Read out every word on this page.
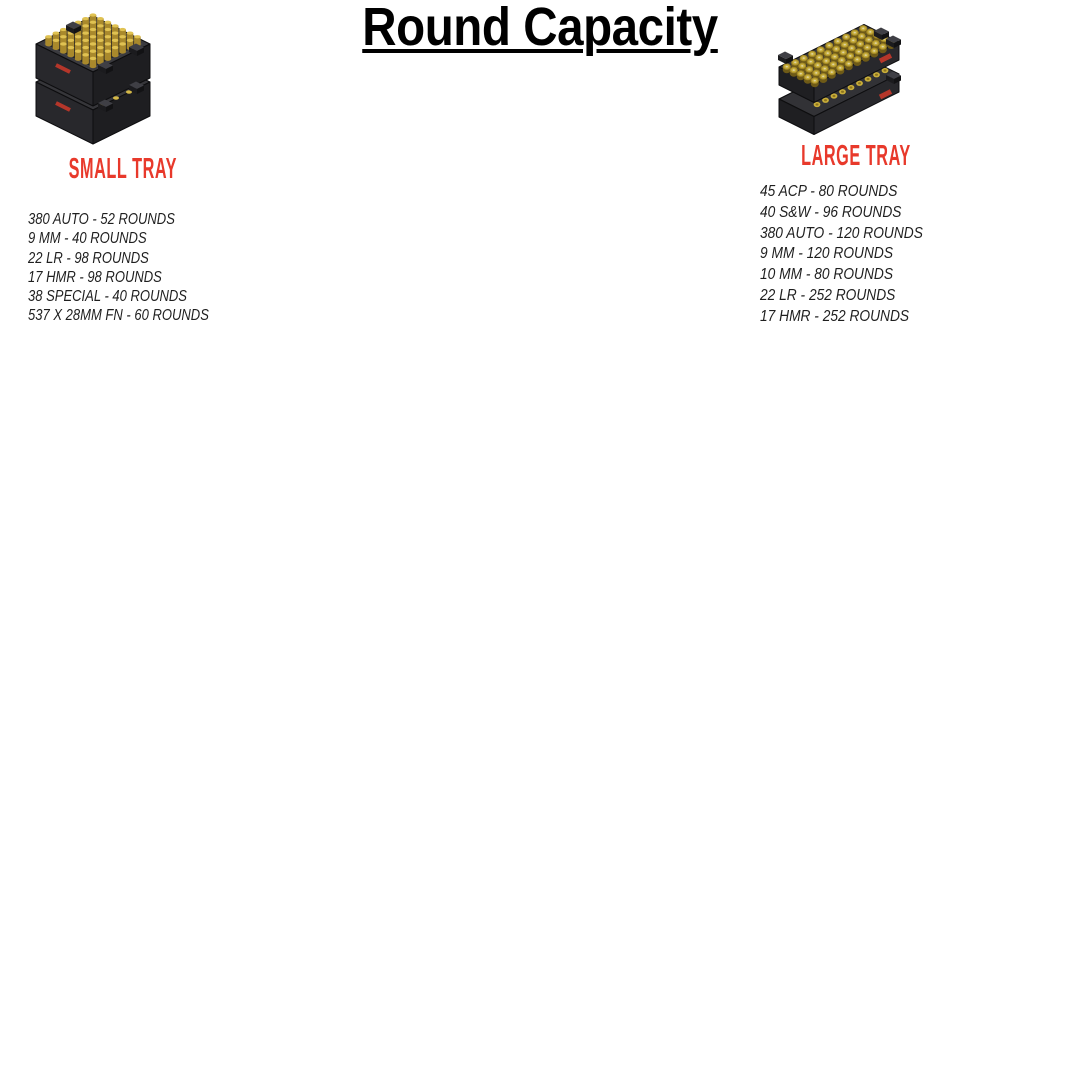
Round Capacity
SMALL TRAY
380 AUTO - 52 ROUNDS
9 MM - 40 ROUNDS
22 LR - 98 ROUNDS
17 HMR - 98 ROUNDS
38 SPECIAL - 40 ROUNDS
537 X 28MM FN - 60 ROUNDS
LARGE TRAY
45 ACP - 80 ROUNDS
40 S&W - 96 ROUNDS
380 AUTO - 120 ROUNDS
9 MM - 120 ROUNDS
10 MM - 80 ROUNDS
22 LR - 252 ROUNDS
17 HMR - 252 ROUNDS
